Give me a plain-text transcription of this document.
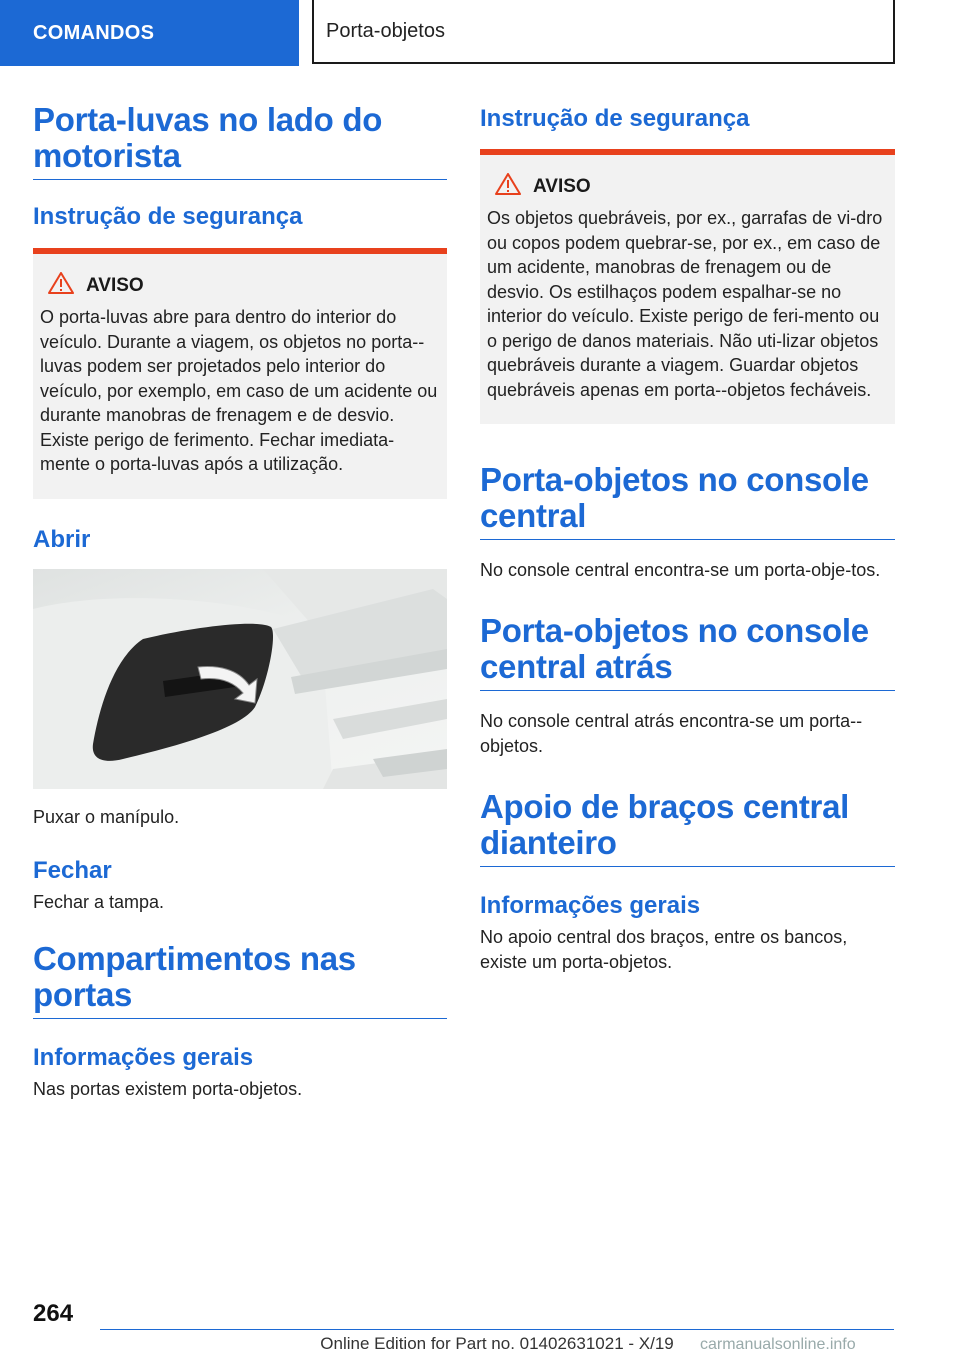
COMANDOS	Porta-objetos
Porta-luvas no lado do motorista
Instrução de segurança
AVISO
O porta-luvas abre para dentro do interior do veículo. Durante a viagem, os objetos no porta--luvas podem ser projetados pelo interior do veículo, por exemplo, em caso de um acidente ou durante manobras de frenagem e de desvio. Existe perigo de ferimento. Fechar imediata-mente o porta-luvas após a utilização.
Abrir

Puxar o manípulo.

Fechar

Fechar a tampa.

Compartimentos nas portas
Informações gerais

Nas portas existem porta-objetos.

Instrução de segurança
AVISO
Os objetos quebráveis, por ex., garrafas de vi-dro ou copos podem quebrar-se, por ex., em caso de um acidente, manobras de frenagem ou de desvio. Os estilhaços podem espalhar-se no interior do veículo. Existe perigo de feri-mento ou o perigo de danos materiais. Não uti-lizar objetos quebráveis durante a viagem. Guardar objetos quebráveis apenas em porta--objetos fecháveis.
Porta-objetos no console central

No console central encontra-se um porta-obje-tos.

Porta-objetos no console central atrás

No console central atrás encontra-se um porta--objetos.

Apoio de braços central dianteiro
Informações gerais

No apoio central dos braços, entre os bancos, existe um porta-objetos.

264
Online Edition for Part no. 01402631021 - X/19	carmanualsonline.info
